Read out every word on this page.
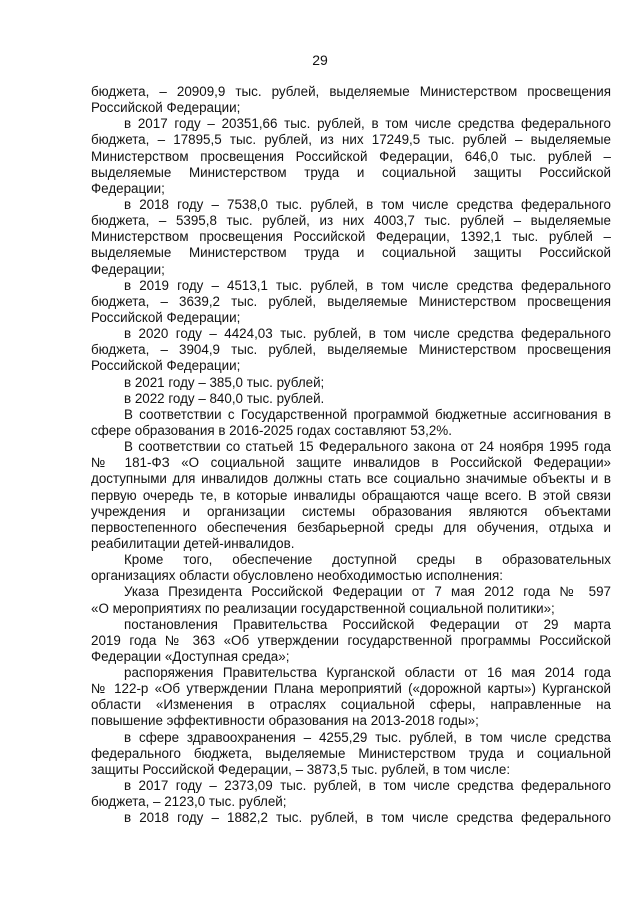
29
бюджета, – 20909,9 тыс. рублей, выделяемые Министерством просвещения
Российской Федерации;
в 2017 году – 20351,66 тыс. рублей, в том числе средства федерального
бюджета, – 17895,5 тыс. рублей, из них 17249,5 тыс. рублей – выделяемые
Министерством просвещения Российской Федерации, 646,0 тыс. рублей –
выделяемые Министерством труда и социальной защиты Российской
Федерации;
в 2018 году – 7538,0 тыс. рублей, в том числе средства федерального
бюджета, – 5395,8 тыс. рублей, из них 4003,7 тыс. рублей – выделяемые
Министерством просвещения Российской Федерации, 1392,1 тыс. рублей –
выделяемые Министерством труда и социальной защиты Российской
Федерации;
в 2019 году – 4513,1 тыс. рублей, в том числе средства федерального
бюджета, – 3639,2 тыс. рублей, выделяемые Министерством просвещения
Российской Федерации;
в 2020 году – 4424,03 тыс. рублей, в том числе средства федерального
бюджета, – 3904,9 тыс. рублей, выделяемые Министерством просвещения
Российской Федерации;
в 2021 году – 385,0 тыс. рублей;
в 2022 году – 840,0 тыс. рублей.
В соответствии с Государственной программой бюджетные ассигнования в
сфере образования в 2016-2025 годах составляют 53,2%.
В соответствии со статьей 15 Федерального закона от 24 ноября 1995 года
№ 181-ФЗ «О социальной защите инвалидов в Российской Федерации»
доступными для инвалидов должны стать все социально значимые объекты и в
первую очередь те, в которые инвалиды обращаются чаще всего. В этой связи
учреждения и организации системы образования являются объектами
первостепенного обеспечения безбарьерной среды для обучения, отдыха и
реабилитации детей-инвалидов.
Кроме того, обеспечение доступной среды в образовательных
организациях области обусловлено необходимостью исполнения:
Указа Президента Российской Федерации от 7 мая 2012 года № 597
«О мероприятиях по реализации государственной социальной политики»;
постановления Правительства Российской Федерации от 29 марта
2019 года № 363 «Об утверждении государственной программы Российской
Федерации «Доступная среда»;
распоряжения Правительства Курганской области от 16 мая 2014 года
№ 122-р «Об утверждении Плана мероприятий («дорожной карты») Курганской
области «Изменения в отраслях социальной сферы, направленные на
повышение эффективности образования на 2013-2018 годы»;
в сфере здравоохранения – 4255,29 тыс. рублей, в том числе средства
федерального бюджета, выделяемые Министерством труда и социальной
защиты Российской Федерации, – 3873,5 тыс. рублей, в том числе:
в 2017 году – 2373,09 тыс. рублей, в том числе средства федерального
бюджета, – 2123,0 тыс. рублей;
в 2018 году – 1882,2 тыс. рублей, в том числе средства федерального
